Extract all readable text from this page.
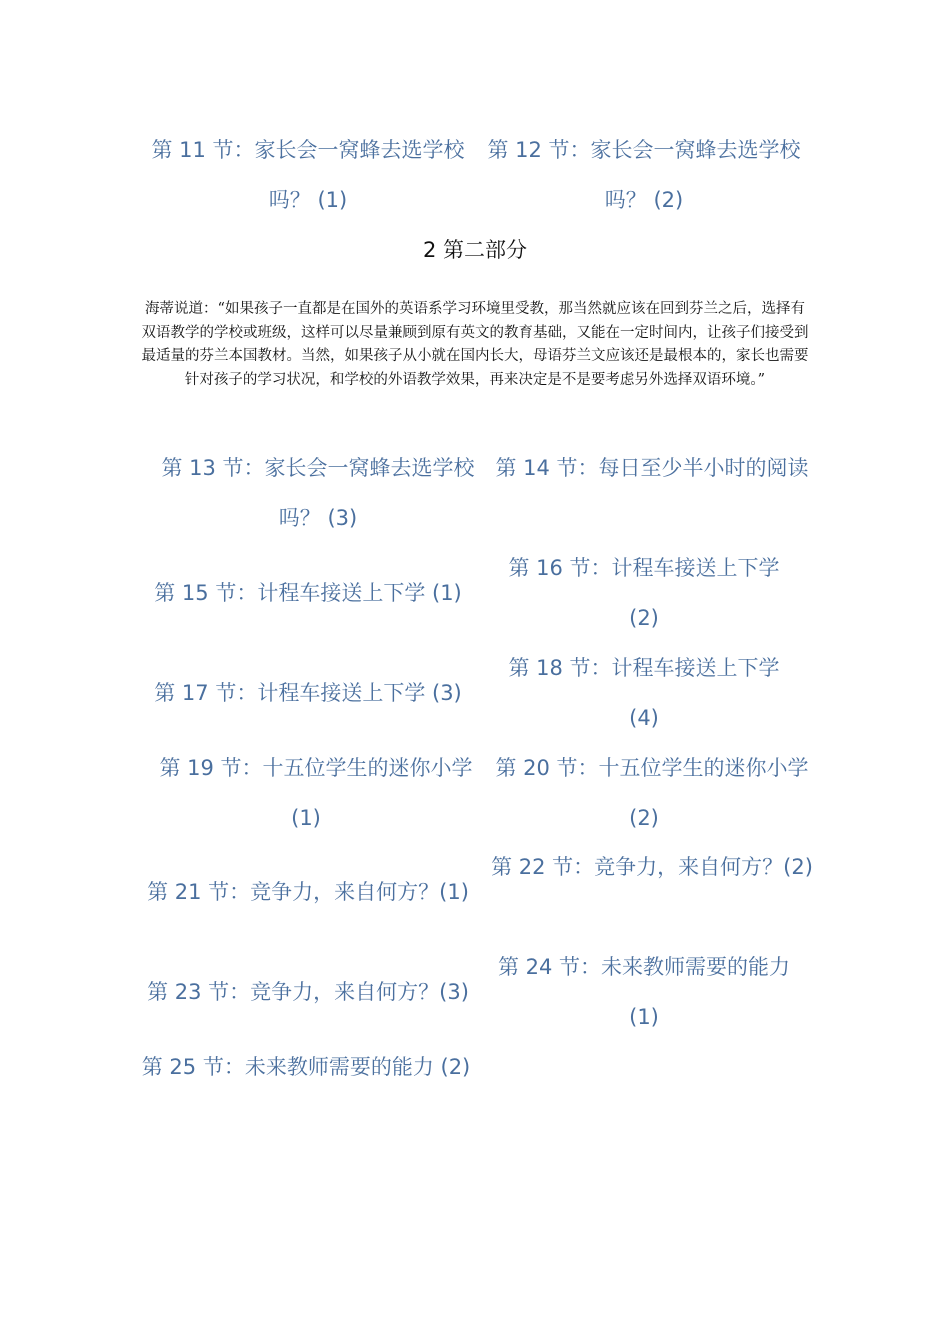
第 11 节：家长会一窝蜂去选学校
吗？ (1)
第 12 节：家长会一窝蜂去选学校
吗？ (2)
2 第二部分
海蒂说道：“如果孩子一直都是在国外的英语系学习环境里受教，那当然就应该在回到芬兰之后，选择有双语教学的学校或班级，这样可以尽量兼顾到原有英文的教育基础，又能在一定时间内，让孩子们接受到最适量的芬兰本国教材。当然，如果孩子从小就在国内长大，母语芬兰文应该还是最根本的，家长也需要针对孩子的学习状况，和学校的外语教学效果，再来决定是不是要考虑另外选择双语环境。”
第 13 节：家长会一窝蜂去选学校
吗？ (3)
第 14 节：每日至少半小时的阅读
第 15 节：计程车接送上下学 (1)
第 16 节：计程车接送上下学
(2)
第 17 节：计程车接送上下学 (3)
第 18 节：计程车接送上下学
(4)
第 19 节：十五位学生的迷你小学
(1)
第 20 节：十五位学生的迷你小学
(2)
第 21 节：竞争力，来自何方？(1)
第 22 节：竞争力，来自何方？(2)
第 23 节：竞争力，来自何方？(3)
第 24 节：未来教师需要的能力
(1)
第 25 节：未来教师需要的能力 (2)
